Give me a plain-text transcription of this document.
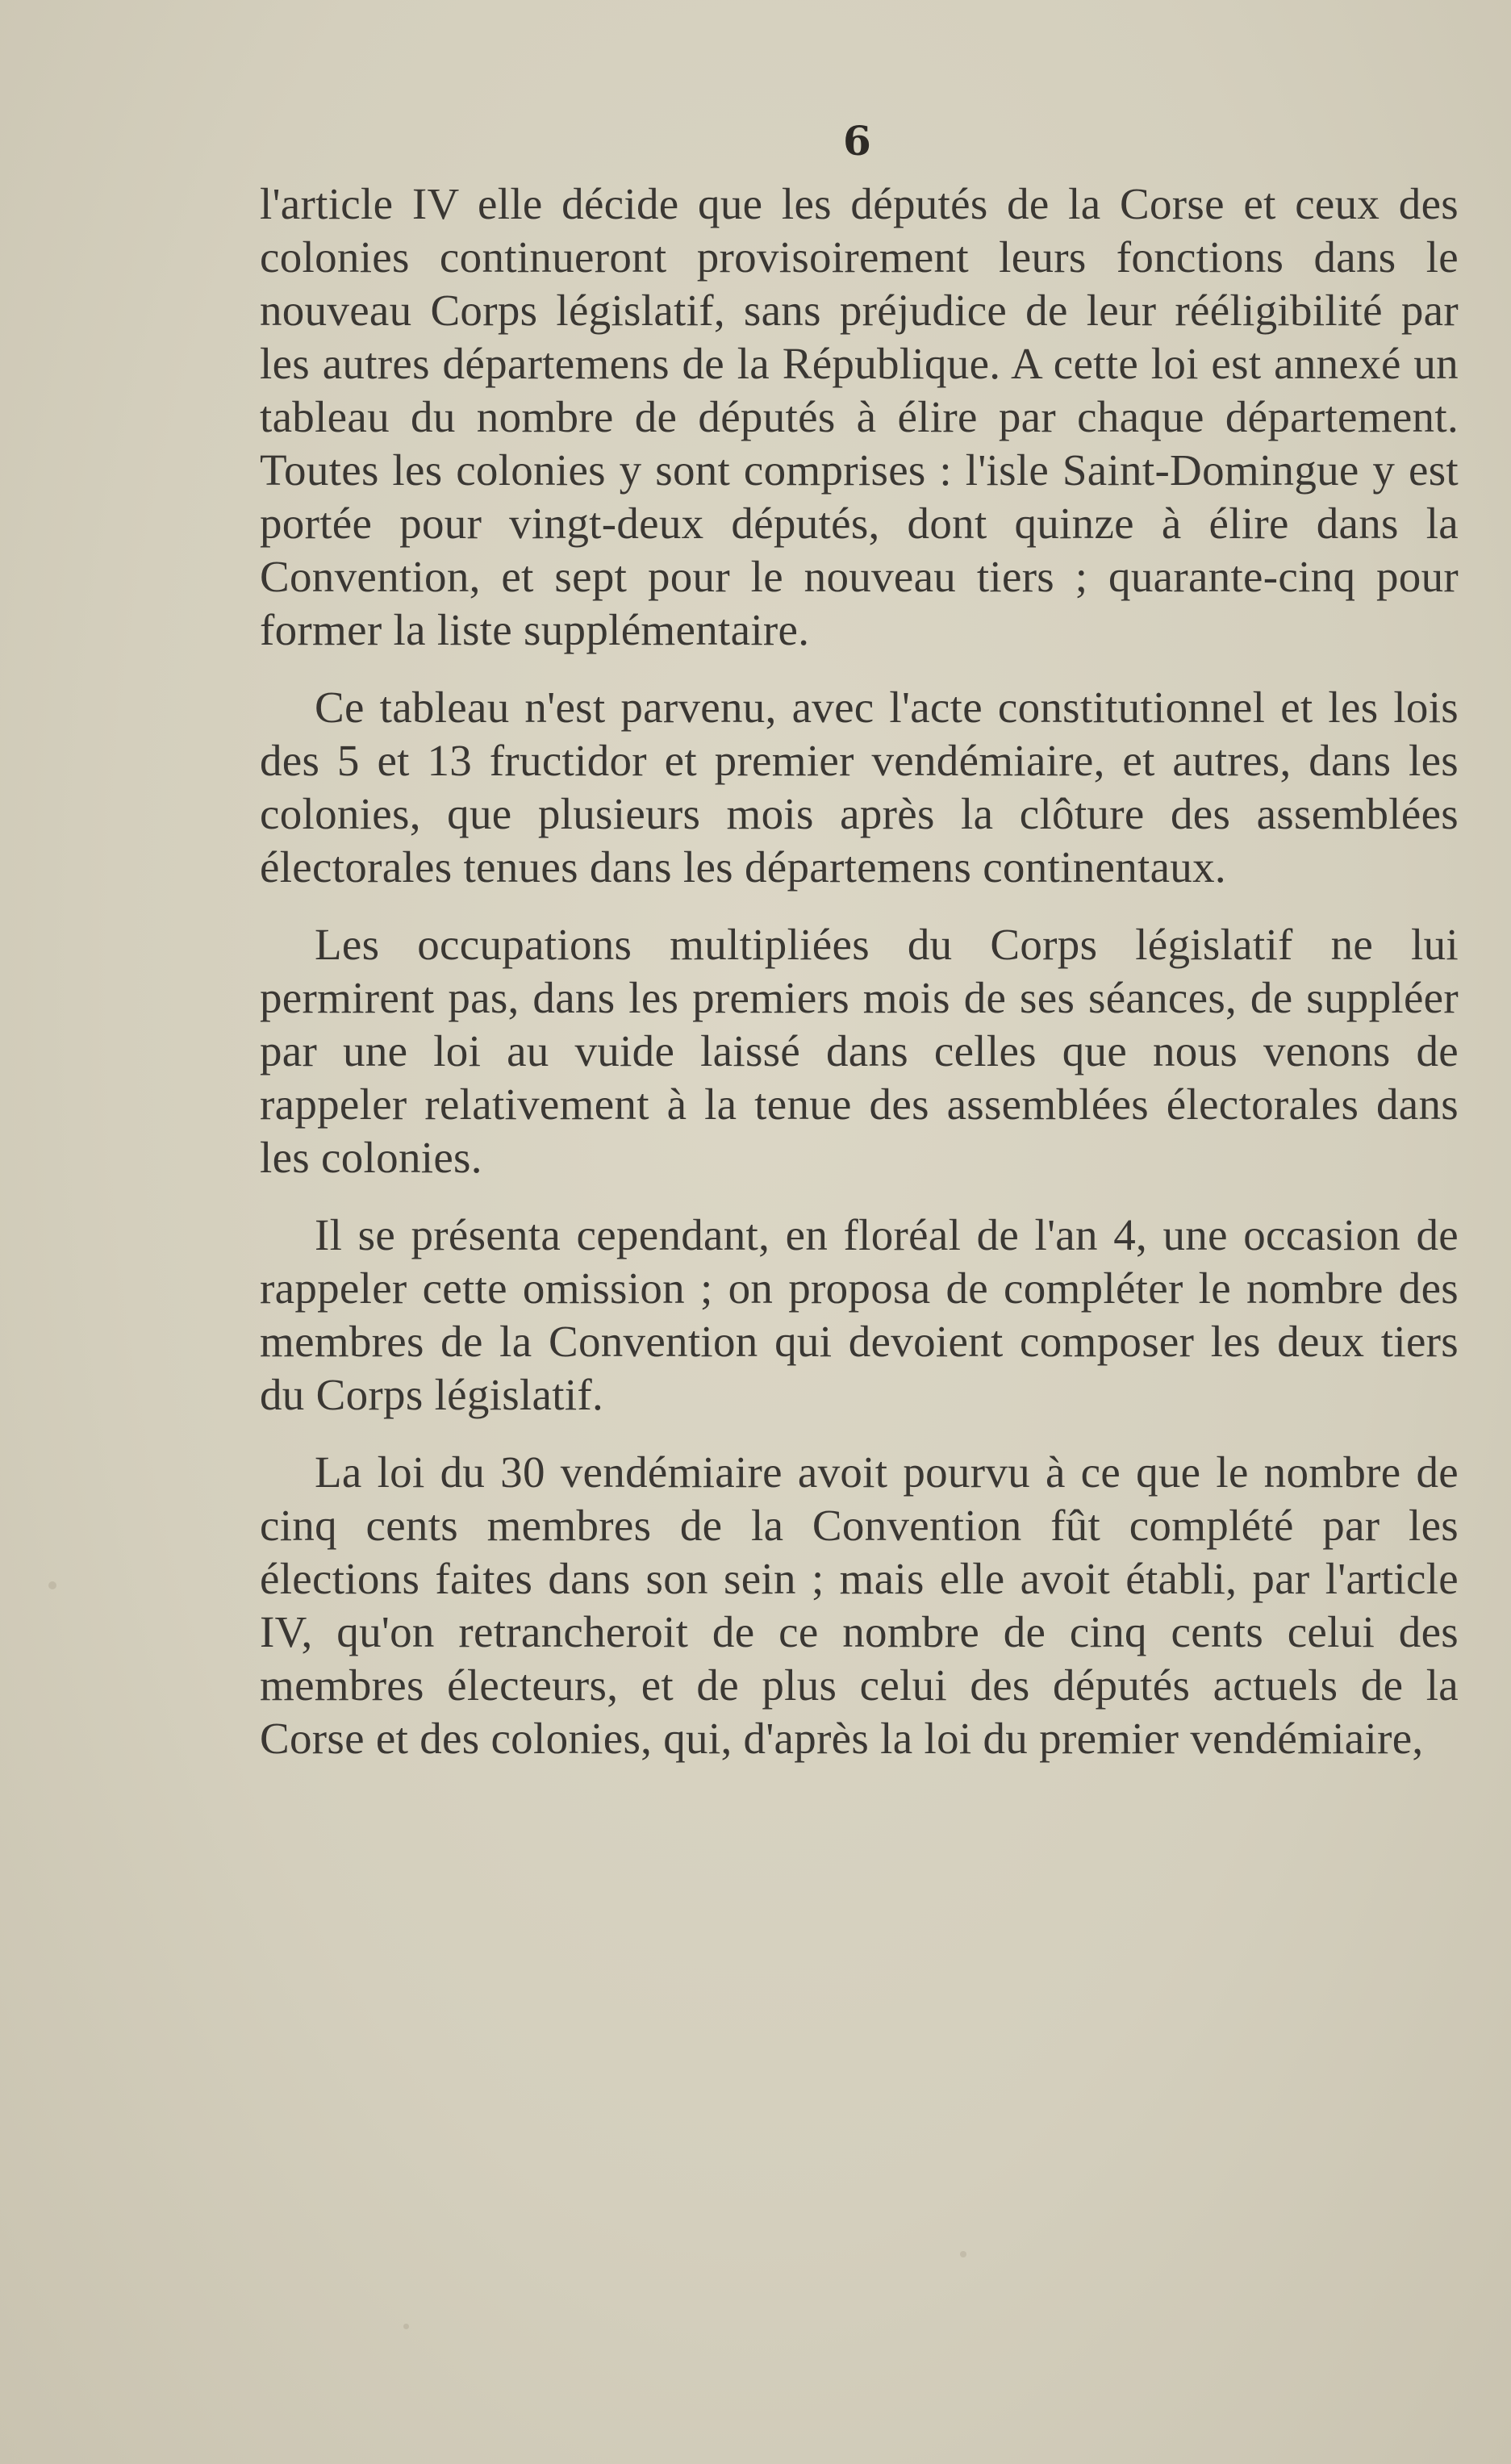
6

l'article IV elle décide que les députés de la Corse et ceux des colonies continueront provisoirement leurs fonctions dans le nouveau Corps législatif, sans préjudice de leur rééligibilité par les autres départemens de la République. A cette loi est annexé un tableau du nombre de députés à élire par chaque département. Toutes les colonies y sont comprises : l'isle Saint-Domingue y est portée pour vingt-deux députés, dont quinze à élire dans la Convention, et sept pour le nouveau tiers ; quarante-cinq pour former la liste supplémentaire.

Ce tableau n'est parvenu, avec l'acte constitutionnel et les lois des 5 et 13 fructidor et premier vendémiaire, et autres, dans les colonies, que plusieurs mois après la clôture des assemblées électorales tenues dans les départemens continentaux.

Les occupations multipliées du Corps législatif ne lui permirent pas, dans les premiers mois de ses séances, de suppléer par une loi au vuide laissé dans celles que nous venons de rappeler relativement à la tenue des assemblées électorales dans les colonies.

Il se présenta cependant, en floréal de l'an 4, une occasion de rappeler cette omission ; on proposa de compléter le nombre des membres de la Convention qui devoient composer les deux tiers du Corps législatif.

La loi du 30 vendémiaire avoit pourvu à ce que le nombre de cinq cents membres de la Convention fût complété par les élections faites dans son sein ; mais elle avoit établi, par l'article IV, qu'on retrancheroit de ce nombre de cinq cents celui des membres électeurs, et de plus celui des députés actuels de la Corse et des colonies, qui, d'après la loi du premier vendémiaire,
